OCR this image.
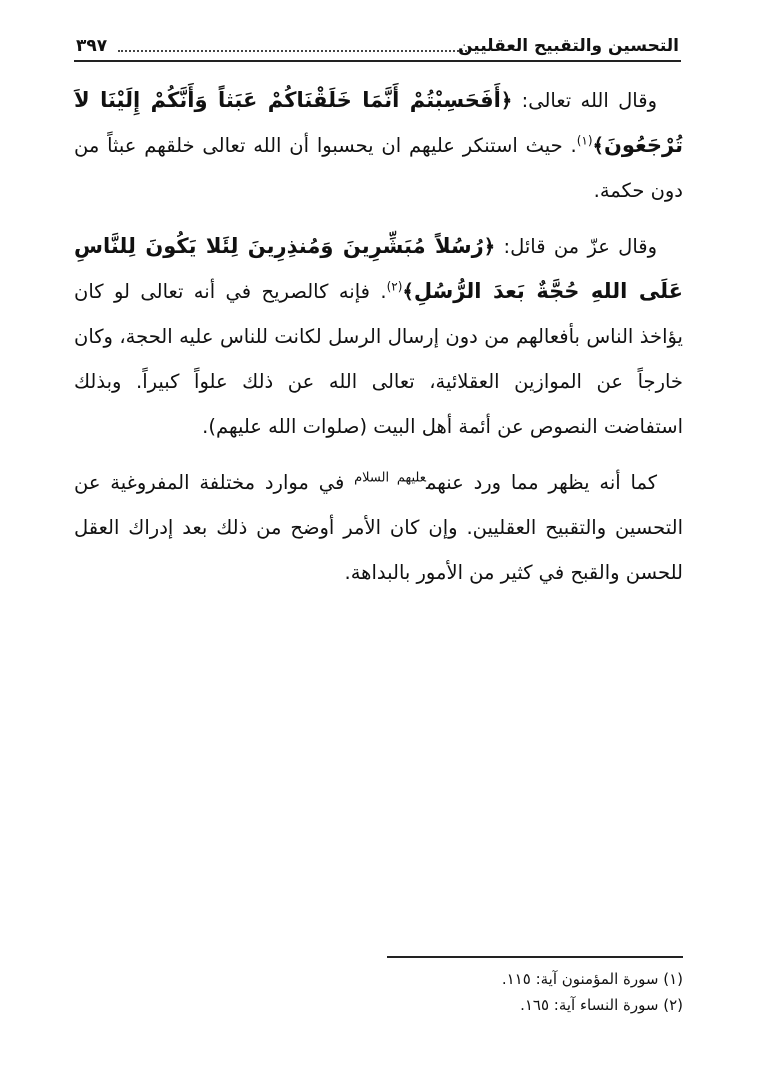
٣٩٧	التحسين والتقبيح العقليين

وقال الله تعالى: ﴿أَفَحَسِبْتُمْ أَنَّمَا خَلَقْنَاكُمْ عَبَثاً وَأَنَّكُمْ إِلَيْنَا لاَ تُرْجَعُونَ﴾$^{(١)}$. حيث استنكر عليهم ان يحسبوا أن الله تعالى خلقهم عبثاً من دون حكمة.

وقال عزّ من قائل: ﴿رُسُلاً مُبَشِّرِينَ وَمُنذِرِينَ لِئَلا يَكُونَ لِلنَّاسِ عَلَى اللهِ حُجَّةٌ بَعدَ الرُّسُلِ﴾$^{(٢)}$. فإنه كالصريح في أنه تعالى لو كان يؤاخذ الناس بأفعالهم من دون إرسال الرسل لكانت للناس عليه الحجة، وكان خارجاً عن الموازين العقلائية، تعالى الله عن ذلك علواً كبيراً. وبذلك استفاضت النصوص عن أئمة أهل البيت (صلوات الله عليهم).

كما أنه يظهر مما ورد عنهم$^{عليهم السلام}$ في موارد مختلفة المفروغية عن التحسين والتقبيح العقليين. وإن كان الأمر أوضح من ذلك بعد إدراك العقل للحسن والقبح في كثير من الأمور بالبداهة.

(١) سورة المؤمنون آية: ١١٥.

(٢) سورة النساء آية: ١٦٥.
